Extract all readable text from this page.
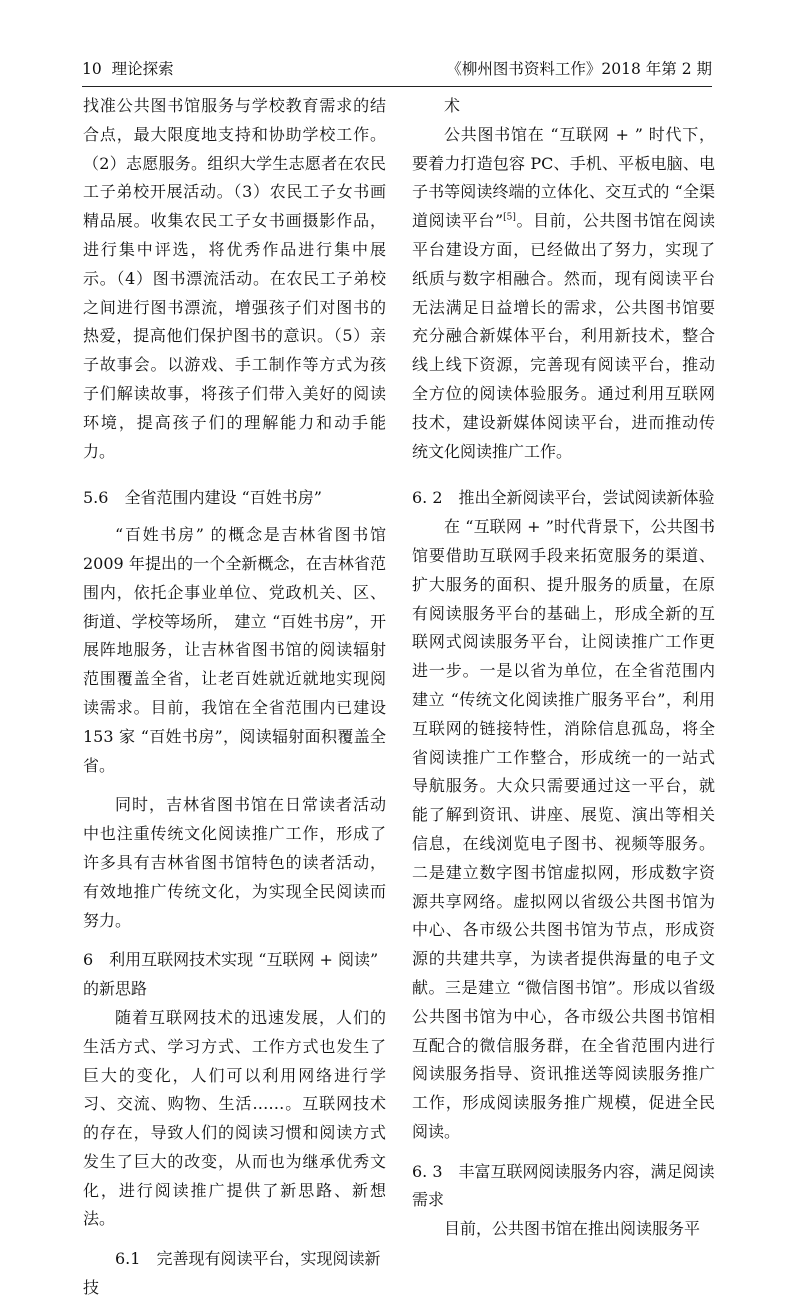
10 理论探索	《柳州图书资料工作》2018 年第 2 期

找准公共图书馆服务与学校教育需求的结合点，最大限度地支持和协助学校工作。（2）志愿服务。组织大学生志愿者在农民工子弟校开展活动。（3）农民工子女书画精品展。收集农民工子女书画摄影作品，进行集中评选，将优秀作品进行集中展示。（4）图书漂流活动。在农民工子弟校之间进行图书漂流，增强孩子们对图书的热爱，提高他们保护图书的意识。（5）亲子故事会。以游戏、手工制作等方式为孩子们解读故事，将孩子们带入美好的阅读环境，提高孩子们的理解能力和动手能力。

5.6　全省范围内建设 “百姓书房”

“百姓书房” 的概念是吉林省图书馆 2009 年提出的一个全新概念，在吉林省范围内，依托企事业单位、党政机关、区、街道、学校等场所， 建立 “百姓书房”，开展阵地服务，让吉林省图书馆的阅读辐射范围覆盖全省，让老百姓就近就地实现阅读需求。目前，我馆在全省范围内已建设 153 家 “百姓书房”，阅读辐射面积覆盖全省。

同时，吉林省图书馆在日常读者活动中也注重传统文化阅读推广工作，形成了许多具有吉林省图书馆特色的读者活动，有效地推广传统文化，为实现全民阅读而努力。

6　利用互联网技术实现 “互联网 + 阅读” 的新思路

随着互联网技术的迅速发展，人们的生活方式、学习方式、工作方式也发生了巨大的变化，人们可以利用网络进行学习、交流、购物、生活……。互联网技术的存在，导致人们的阅读习惯和阅读方式发生了巨大的改变，从而也为继承优秀文化，进行阅读推广提供了新思路、新想法。

6.1　完善现有阅读平台，实现阅读新技

术

公共图书馆在 “互联网 + ” 时代下，要着力打造包容 PC、手机、平板电脑、电子书等阅读终端的立体化、交互式的 “全渠道阅读平台”[5]。目前，公共图书馆在阅读平台建设方面，已经做出了努力，实现了纸质与数字相融合。然而，现有阅读平台无法满足日益增长的需求，公共图书馆要充分融合新媒体平台，利用新技术，整合线上线下资源，完善现有阅读平台，推动全方位的阅读体验服务。通过利用互联网技术，建设新媒体阅读平台，进而推动传统文化阅读推广工作。

6. 2　推出全新阅读平台，尝试阅读新体验

在 “互联网 + ”时代背景下，公共图书馆要借助互联网手段来拓宽服务的渠道、扩大服务的面积、提升服务的质量，在原有阅读服务平台的基础上，形成全新的互联网式阅读服务平台，让阅读推广工作更进一步。一是以省为单位，在全省范围内建立 “传统文化阅读推广服务平台”，利用互联网的链接特性，消除信息孤岛，将全省阅读推广工作整合，形成统一的一站式导航服务。大众只需要通过这一平台，就能了解到资讯、讲座、展览、演出等相关信息，在线浏览电子图书、视频等服务。二是建立数字图书馆虚拟网，形成数字资源共享网络。虚拟网以省级公共图书馆为中心、各市级公共图书馆为节点，形成资源的共建共享，为读者提供海量的电子文献。三是建立 “微信图书馆”。形成以省级公共图书馆为中心，各市级公共图书馆相互配合的微信服务群，在全省范围内进行阅读服务指导、资讯推送等阅读服务推广工作，形成阅读服务推广规模，促进全民阅读。

6. 3　丰富互联网阅读服务内容，满足阅读需求

目前，公共图书馆在推出阅读服务平
